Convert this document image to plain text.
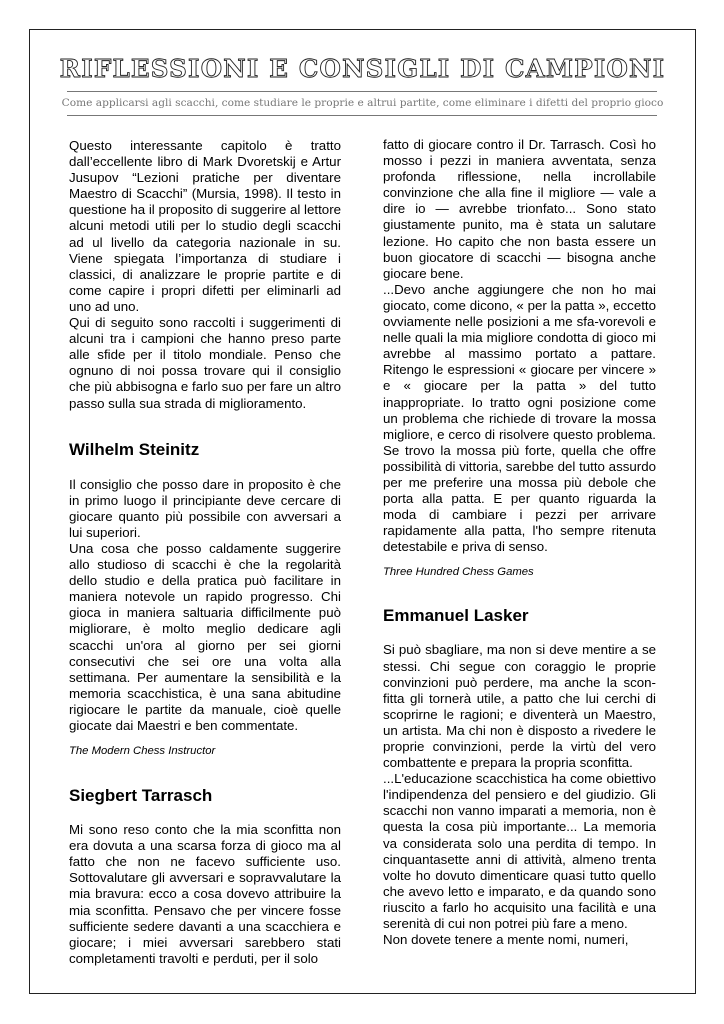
RIFLESSIONI E CONSIGLI DI CAMPIONI

Come applicarsi agli scacchi, come studiare le proprie e altrui partite, come eliminare i difetti del proprio gioco

Questo interessante capitolo è tratto dall’eccellente libro di Mark Dvoretskij e Artur Jusupov “Lezioni pratiche per diventare Maestro di Scacchi” (Mursia, 1998). Il testo in questione ha il proposito di suggerire al lettore alcuni metodi utili per lo studio degli scacchi ad ul livello da categoria nazionale in su. Viene spiegata l’importanza di studiare i classici, di analizzare le proprie partite e di come capire i propri difetti per eliminarli ad uno ad uno.

Qui di seguito sono raccolti i suggerimenti di alcuni tra i campioni che hanno preso parte alle sfide per il titolo mondiale. Penso che ognuno di noi possa trovare qui il consiglio che più abbisogna e farlo suo per fare un altro passo sulla sua strada di miglioramento.

Wilhelm Steinitz

Il consiglio che posso dare in proposito è che in primo luogo il principiante deve cercare di giocare quanto più possibile con avversari a lui superiori.

Una cosa che posso caldamente suggerire allo studioso di scacchi è che la regolarità dello studio e della pratica può facilitare in maniera notevole un rapido progresso. Chi gioca in maniera saltuaria difficilmente può migliorare, è molto meglio dedicare agli scacchi un'ora al giorno per sei giorni consecutivi che sei ore una volta alla settimana. Per aumentare la sensibilità e la memoria scacchistica, è una sana abitudine rigiocare le partite da manuale, cioè quelle giocate dai Maestri e ben commentate.

The Modern Chess Instructor

Siegbert Tarrasch

Mi sono reso conto che la mia sconfitta non era dovuta a una scarsa forza di gioco ma al fatto che non ne facevo sufficiente uso. Sottovalutare gli avversari e sopravvalutare la mia bravura: ecco a cosa dovevo attribuire la mia sconfitta. Pensavo che per vincere fosse sufficiente sedere davanti a una scacchiera e giocare; i miei avversari sarebbero stati completamenti travolti e perduti, per il solo

fatto di giocare contro il Dr. Tarrasch. Così ho mosso i pezzi in maniera avventata, senza profonda riflessione, nella incrollabile convinzione che alla fine il migliore — vale a dire io — avrebbe trionfato... Sono stato giustamente punito, ma è stata un salutare lezione. Ho capito che non basta essere un buon giocatore di scacchi — bisogna anche giocare bene.

...Devo anche aggiungere che non ho mai giocato, come dicono, « per la patta », eccetto ovviamente nelle posizioni a me sfa-vorevoli e nelle quali la mia migliore condotta di gioco mi avrebbe al massimo portato a pattare. Ritengo le espressioni « giocare per vincere » e « giocare per la patta » del tutto inappropriate. Io tratto ogni posizione come un problema che richiede di trovare la mossa migliore, e cerco di risolvere questo problema. Se trovo la mossa più forte, quella che offre possibilità di vittoria, sarebbe del tutto assurdo per me preferire una mossa più debole che porta alla patta. E per quanto riguarda la moda di cambiare i pezzi per arrivare rapidamente alla patta, l'ho sempre ritenuta detestabile e priva di senso.

Three Hundred Chess Games

Emmanuel Lasker

Si può sbagliare, ma non si deve mentire a se stessi. Chi segue con coraggio le proprie convinzioni può perdere, ma anche la scon-fitta gli tornerà utile, a patto che lui cerchi di scoprirne le ragioni; e diventerà un Maestro, un artista. Ma chi non è disposto a rivedere le proprie convinzioni, perde la virtù del vero combattente e prepara la propria sconfitta.

...L'educazione scacchistica ha come obiettivo l'indipendenza del pensiero e del giudizio. Gli scacchi non vanno imparati a memoria, non è questa la cosa più importante... La memoria va considerata solo una perdita di tempo. In cinquantasette anni di attività, almeno trenta volte ho dovuto dimenticare quasi tutto quello che avevo letto e imparato, e da quando sono riuscito a farlo ho acquisito una facilità e una serenità di cui non potrei più fare a meno.

Non dovete tenere a mente nomi, numeri,
